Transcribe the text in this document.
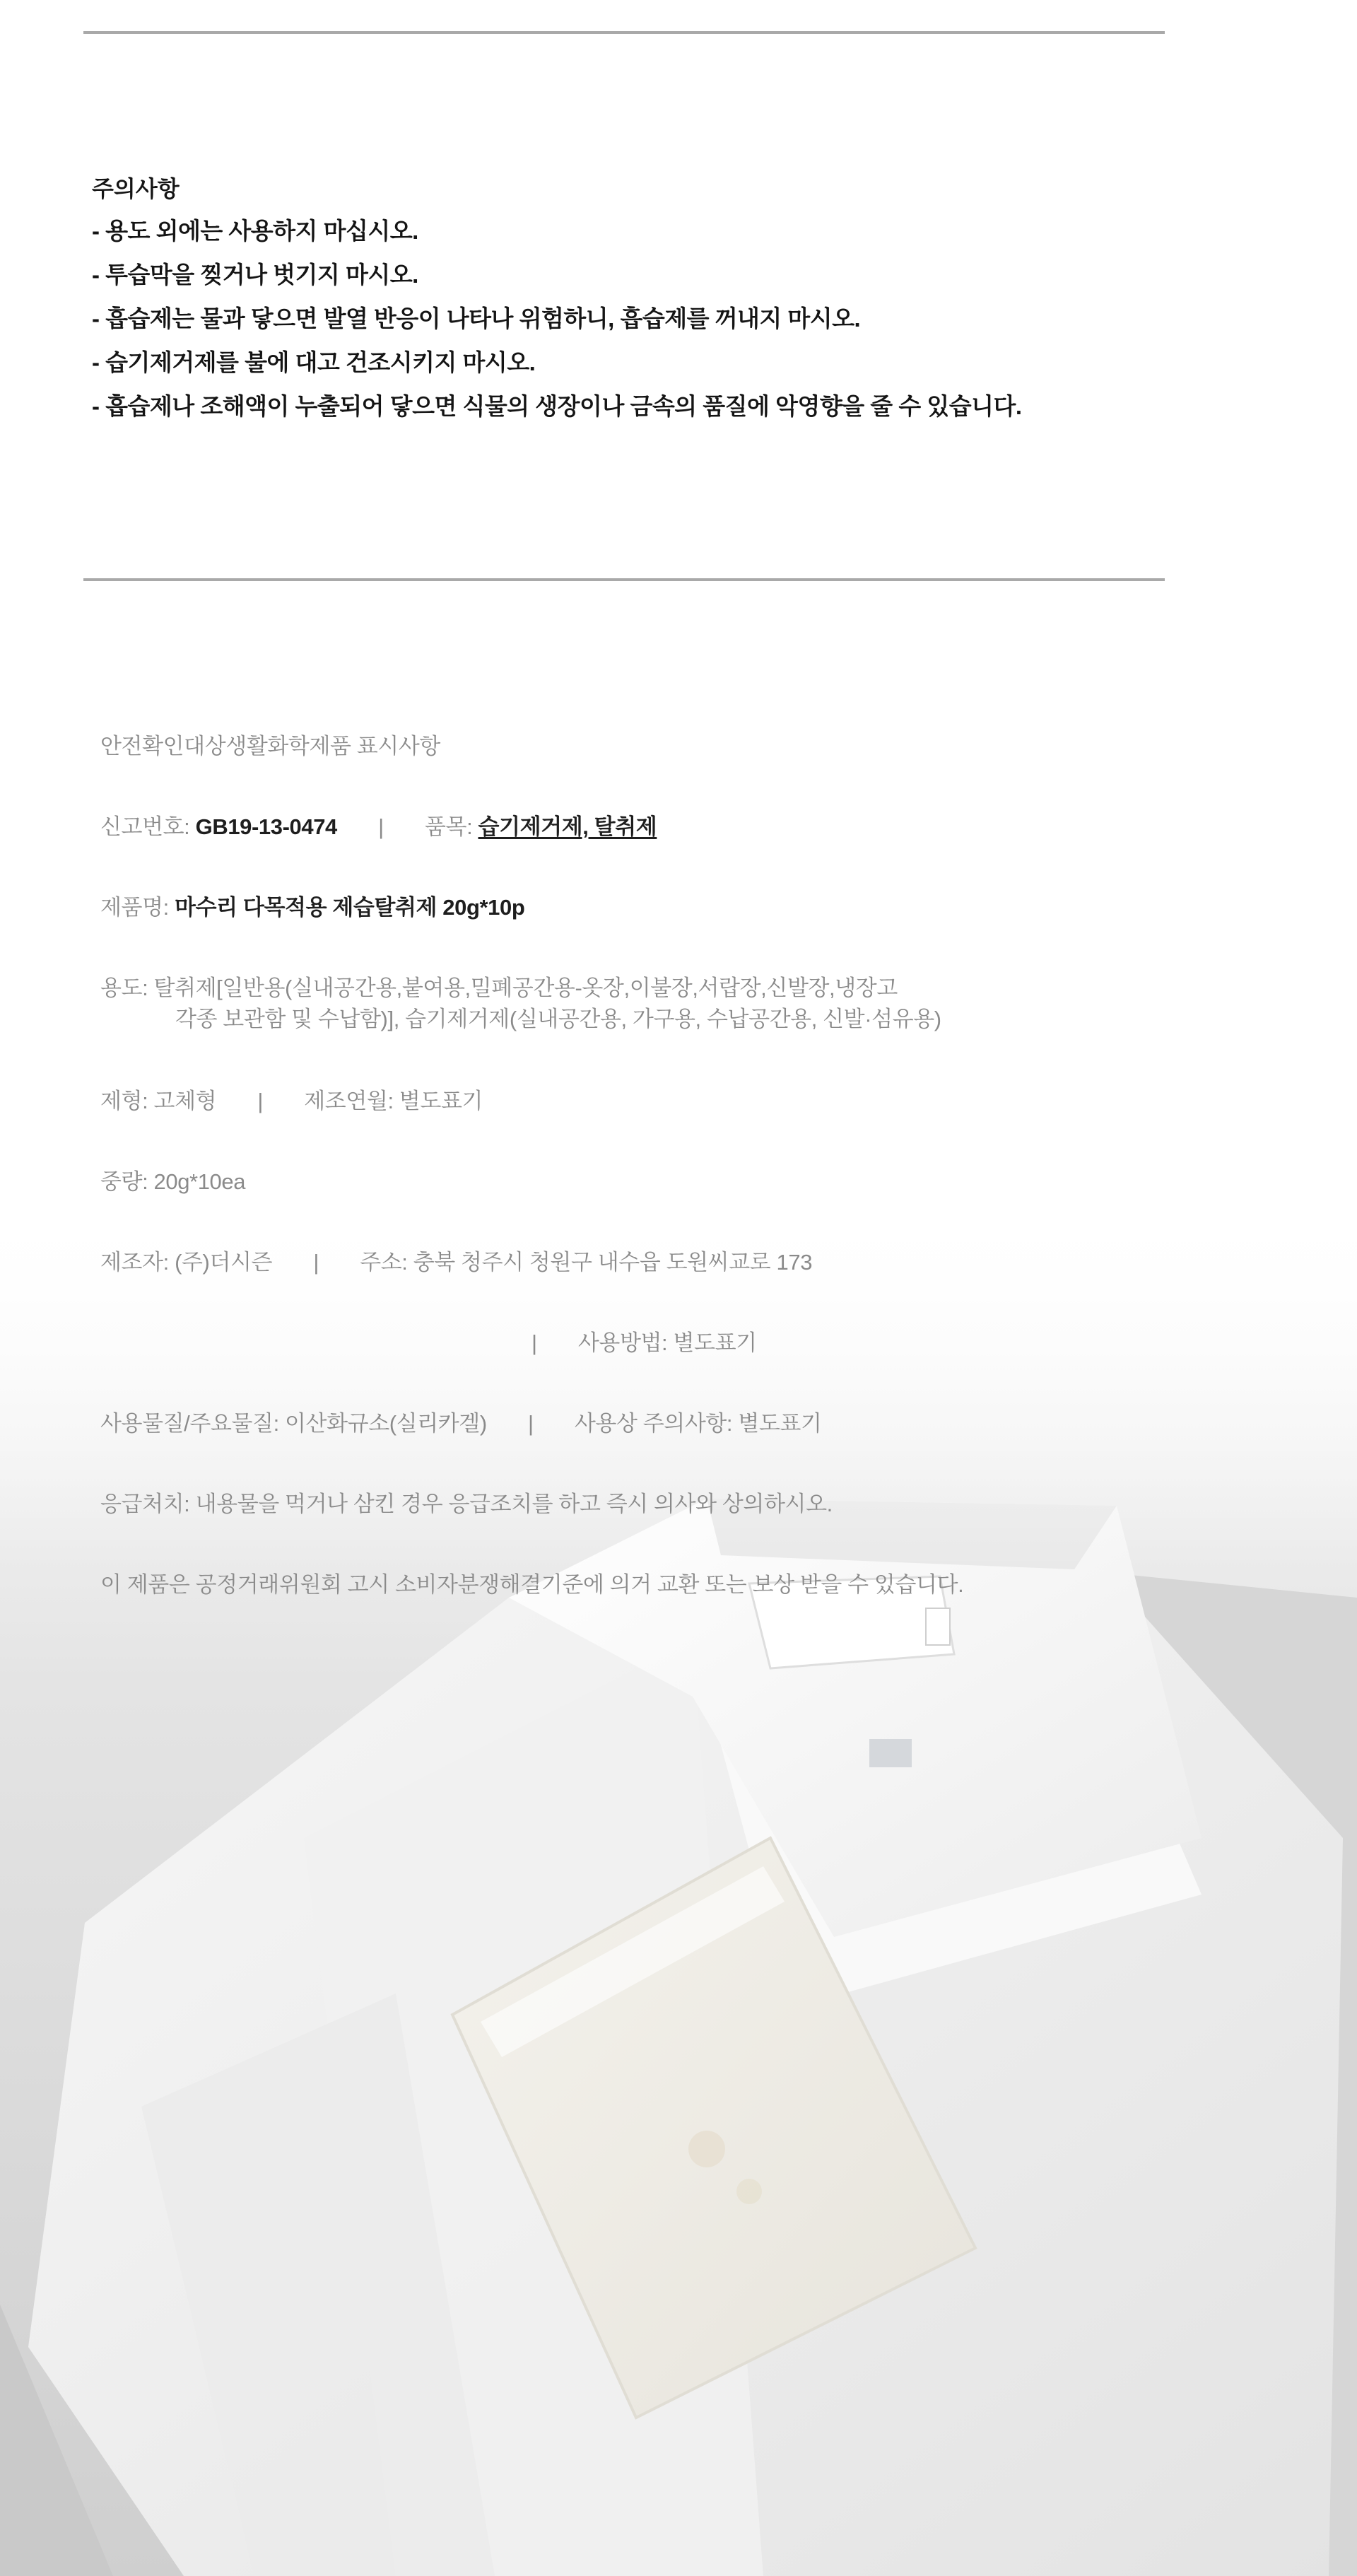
주의사항
- 용도 외에는 사용하지 마십시오.
- 투습막을 찢거나 벗기지 마시오.
- 흡습제는 물과 닿으면 발열 반응이 나타나 위험하니, 흡습제를 꺼내지 마시오.
- 습기제거제를 불에 대고 건조시키지 마시오.
- 흡습제나 조해액이 누출되어 닿으면 식물의 생장이나 금속의 품질에 악영향을 줄 수 있습니다.
안전확인대상생활화학제품 표시사항
신고번호: GB19-13-0474 | 품목: 습기제거제, 탈취제
제품명: 마수리 다목적용 제습탈취제 20g*10p
용도: 탈취제[일반용(실내공간용,붙여용,밀폐공간용-옷장,이불장,서랍장,신발장,냉장고
각종 보관함 및 수납함)], 습기제거제(실내공간용, 가구용, 수납공간용, 신발·섬유용)
제형: 고체형 | 제조연월: 별도표기
중량: 20g*10ea
제조자: (주)더시즌 | 주소: 충북 청주시 청원구 내수읍 도원씨교로 173
| 사용방법: 별도표기
사용물질/주요물질: 이산화규소(실리카겔) | 사용상 주의사항: 별도표기
응급처치: 내용물을 먹거나 삼킨 경우 응급조치를 하고 즉시 의사와 상의하시오.
이 제품은 공정거래위원회 고시 소비자분쟁해결기준에 의거 교환 또는 보상 받을 수 있습니다.
